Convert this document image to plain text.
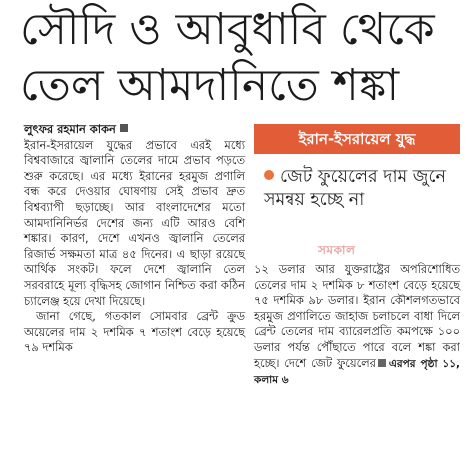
সৌদি ও আবুধাবি থেকে
তেল আমদানিতে শঙ্কা
লুৎফর রহমান কাকন

ইরান-ইসরায়েল যুদ্ধের প্রভাবে এরই মধ্যে বিশ্ববাজারে জ্বালানি তেলের দামে প্রভাব পড়তে শুরু করেছে। এর মধ্যে ইরানের হরমুজ প্রণালি বন্ধ করে দেওয়ার ঘোষণায় সেই প্রভাব দ্রুত বিশ্বব্যাপী ছড়াচ্ছে। আর বাংলাদেশের মতো আমদানিনির্ভর দেশের জন্য এটি আরও বেশি শঙ্কার। কারণ, দেশে এখনও জ্বালানি তেলের রিজার্ভ সক্ষমতা মাত্র ৪৫ দিনের। এ ছাড়া রয়েছে আর্থিক সংকট। ফলে দেশে জ্বালানি তেল সরবরাহে মূল্য বৃদ্ধিসহ জোগান নিশ্চিত করা কঠিন চ্যালেঞ্জ হয়ে দেখা দিয়েছে।

জানা গেছে, গতকাল সোমবার ব্রেন্ট ক্রুড অয়েলের দাম ২ দশমিক ৭ শতাংশ বেড়ে হয়েছে ৭৯ দশমিক

ইরান-ইসরায়েল যুদ্ধ
জেট ফুয়েলের দাম জুনে সমন্বয় হচ্ছে না
সমকাল

১২ ডলার আর যুক্তরাষ্ট্রের অপরিশোধিত তেলের দাম ২ দশমিক ৮ শতাংশ বেড়ে হয়েছে ৭৫ দশমিক ৯৮ ডলার। ইরান কৌশলগতভাবে হরমুজ প্রণালিতে জাহাজ চলাচলে বাধা দিলে ব্রেন্ট তেলের দাম ব্যারেলপ্রতি কমপক্ষে ১০০ ডলার পর্যন্ত পৌঁছাতে পারে বলে শঙ্কা করা হচ্ছে। দেশে জেট ফুয়েলের এরপর পৃষ্ঠা ১১, কলাম ৬
